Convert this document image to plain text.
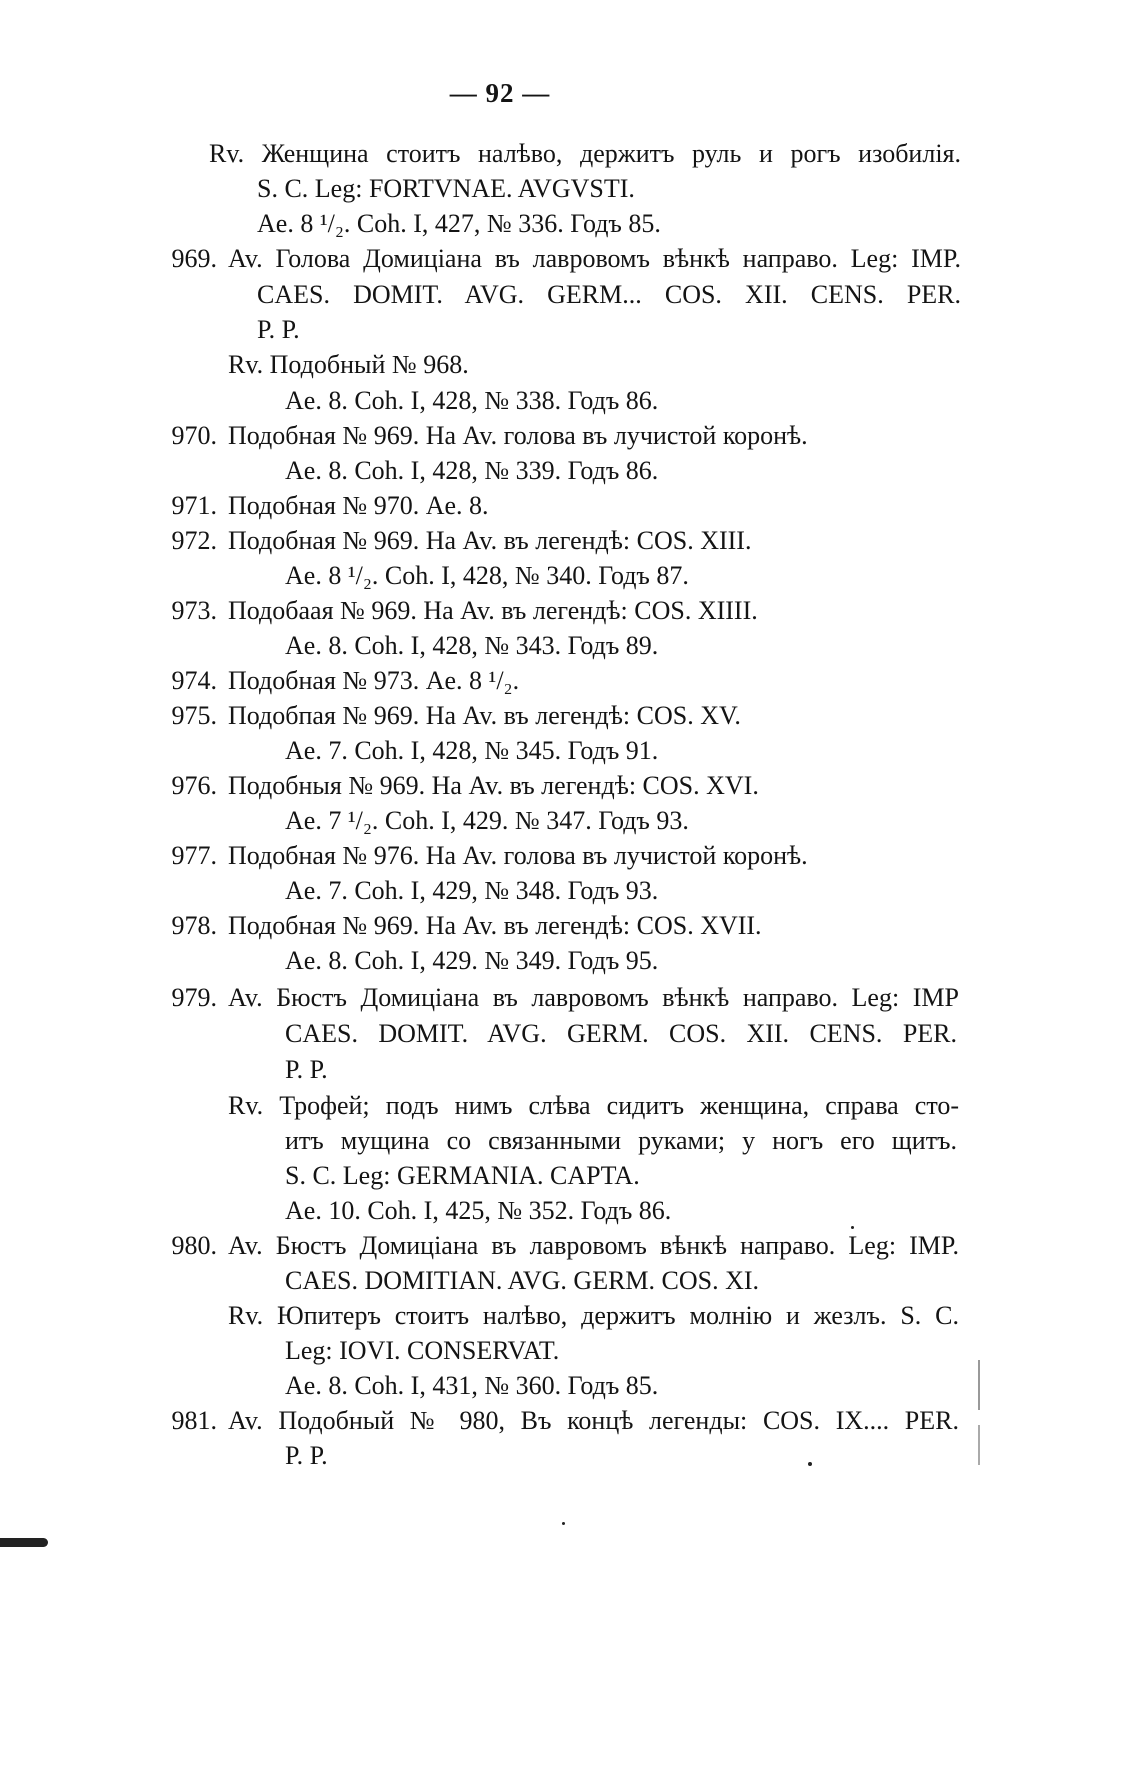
— 92 —
Rv. Женщина стоитъ налѣво, держитъ руль и рогъ изобилія.
S. C. Leg: FORTVNAE. AVGVSTI.
Ae. 8 ¹/₂. Coh. I, 427, № 336. Годъ 85.
969. Av. Голова Домиціана въ лавровомъ вѣнкѣ направо. Leg: IMP.
CAES. DOMIT. AVG. GERM... COS. XII. CENS. PER.
P. P.
Rv. Подобный № 968.
Ae. 8. Coh. I, 428, № 338. Годъ 86.
970. Подобная № 969. На Av. голова въ лучистой коронѣ.
Ae. 8. Coh. I, 428, № 339. Годъ 86.
971. Подобная № 970. Ae. 8.
972. Подобная № 969. На Av. въ легендѣ: COS. XIII.
Ae. 8 ¹/₂. Coh. I, 428, № 340. Годъ 87.
973. Подобаая № 969. На Av. въ легендѣ: COS. XIIII.
Ae. 8. Coh. I, 428, № 343. Годъ 89.
974. Подобная № 973. Ae. 8 ¹/₂.
975. Подобпая № 969. На Av. въ легендѣ: COS. XV.
Ae. 7. Coh. I, 428, № 345. Годъ 91.
976. Подобныя № 969. На Av. въ легендѣ: COS. XVI.
Ae. 7 ¹/₂. Coh. I, 429. № 347. Годъ 93.
977. Подобная № 976. На Av. голова въ лучистой коронѣ.
Ae. 7. Coh. I, 429, № 348. Годъ 93.
978. Подобная № 969. На Av. въ легендѣ: COS. XVII.
Ae. 8. Coh. I, 429. № 349. Годъ 95.
979. Av. Бюстъ Домиціана въ лавровомъ вѣнкѣ направо. Leg: IMP
CAES. DOMIT. AVG. GERM. COS. XII. CENS. PER.
P. P.
Rv. Трофей; подъ нимъ слѣва сидитъ женщина, справа сто-
итъ мущина со связанными руками; у ногъ его щитъ.
S. C. Leg: GERMANIA. CAPTA.
Ae. 10. Coh. I, 425, № 352. Годъ 86.
980. Av. Бюстъ Домиціана въ лавровомъ вѣнкѣ направо. Leg: IMP.
CAES. DOMITIAN. AVG. GERM. COS. XI.
Rv. Юпитеръ стоитъ налѣво, держитъ молнію и жезлъ. S. C.
Leg: IOVI. CONSERVAT.
Ae. 8. Coh. I, 431, № 360. Годъ 85.
981. Av. Подобный № 980, Въ концѣ легенды: COS. IX.... PER.
P. P.
